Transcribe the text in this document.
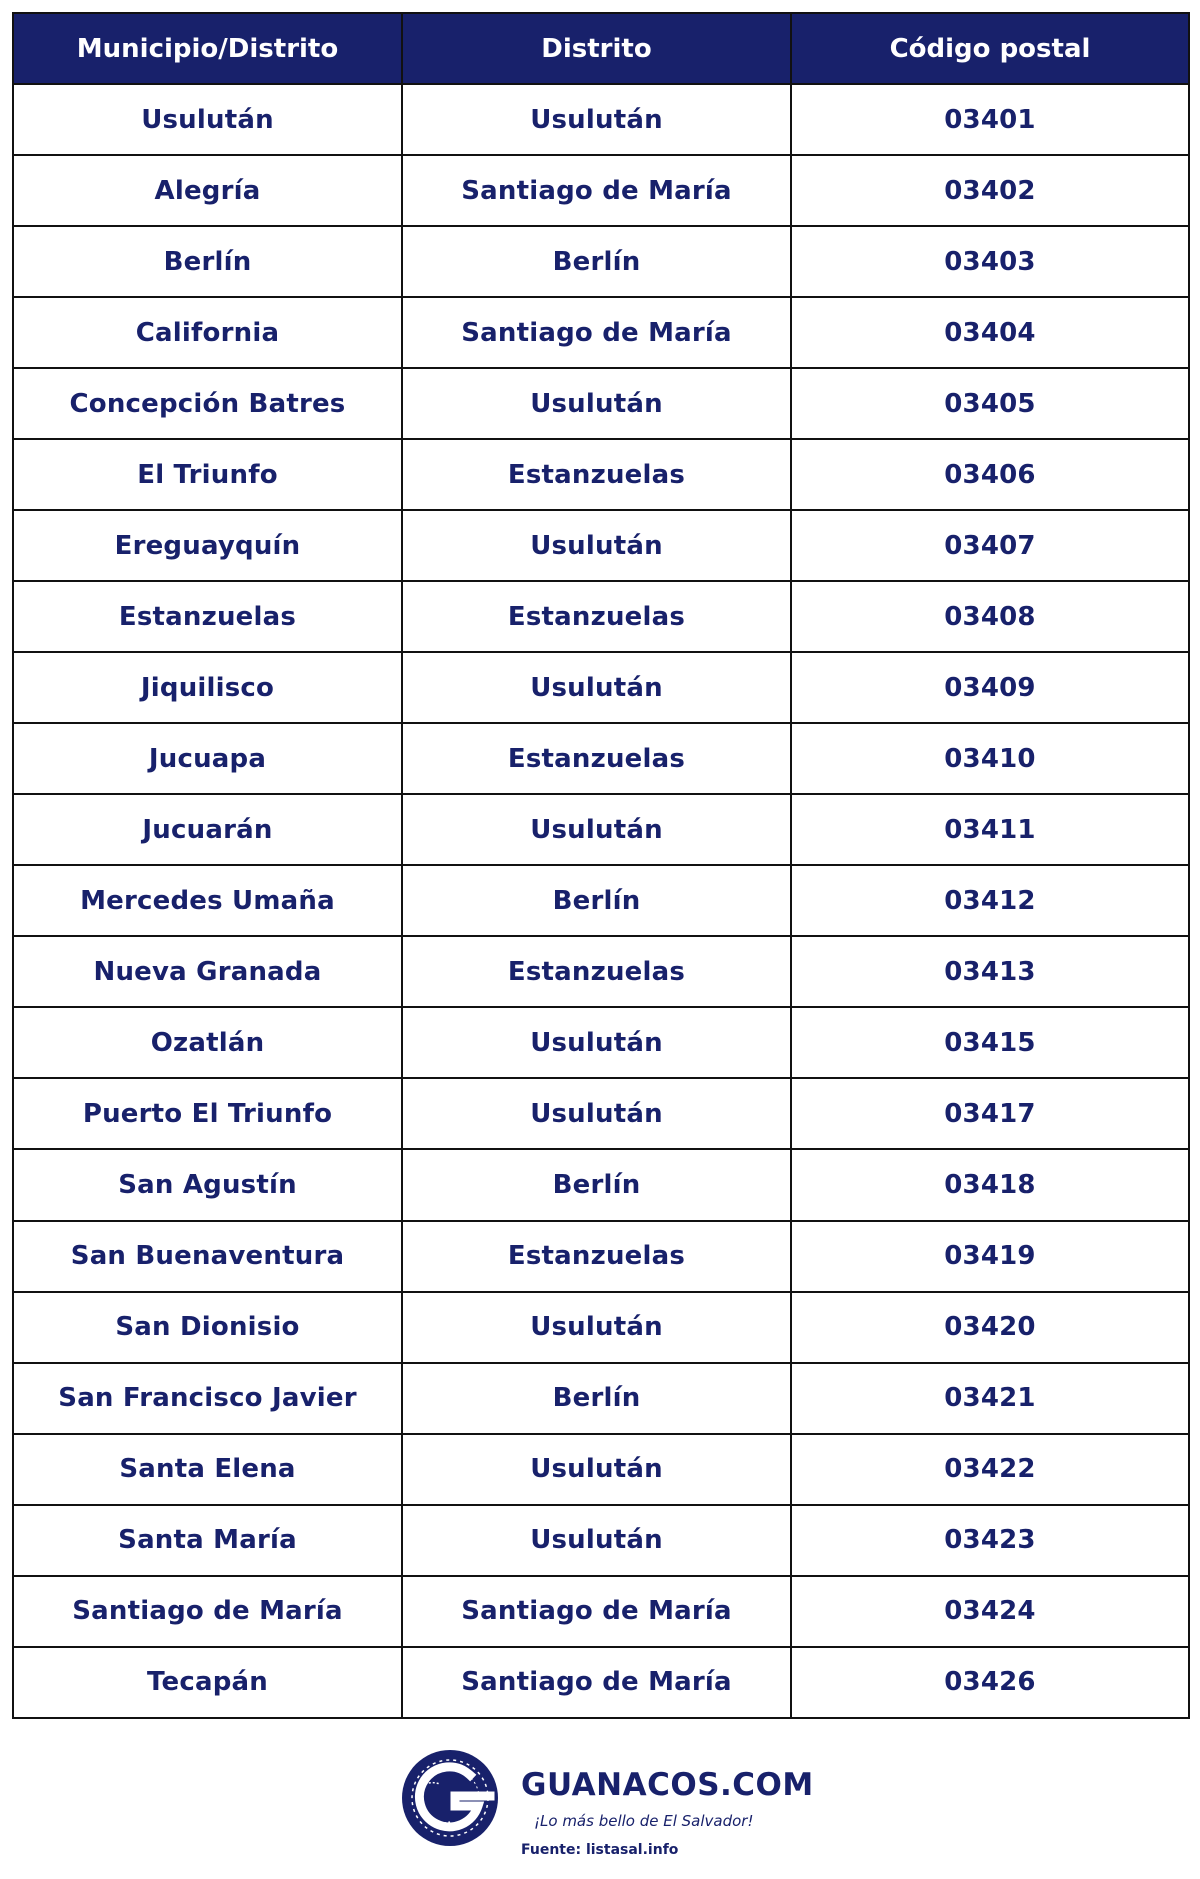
Municipio/Distrito	Distrito	Código postal
Usulután	Usulután	03401
Alegría	Santiago de María	03402
Berlín	Berlín	03403
California	Santiago de María	03404
Concepción Batres	Usulután	03405
El Triunfo	Estanzuelas	03406
Ereguayquín	Usulután	03407
Estanzuelas	Estanzuelas	03408
Jiquilisco	Usulután	03409
Jucuapa	Estanzuelas	03410
Jucuarán	Usulután	03411
Mercedes Umaña	Berlín	03412
Nueva Granada	Estanzuelas	03413
Ozatlán	Usulután	03415
Puerto El Triunfo	Usulután	03417
San Agustín	Berlín	03418
San Buenaventura	Estanzuelas	03419
San Dionisio	Usulután	03420
San Francisco Javier	Berlín	03421
Santa Elena	Usulután	03422
Santa María	Usulután	03423
Santiago de María	Santiago de María	03424
Tecapán	Santiago de María	03426
GUANACOS.COM
¡Lo más bello de El Salvador!
Fuente: listasal.info
